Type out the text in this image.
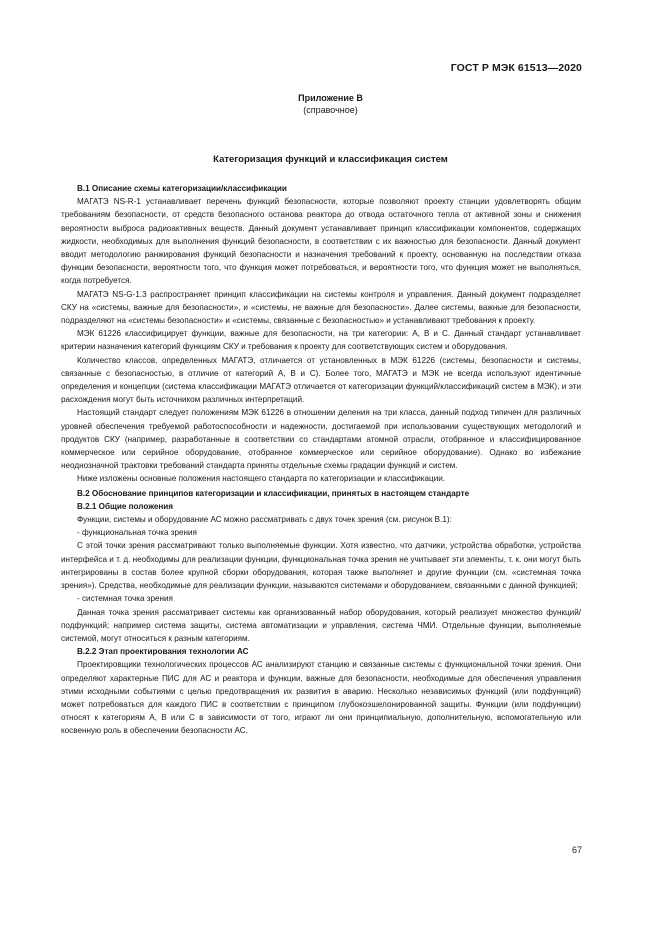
ГОСТ Р МЭК 61513—2020
Приложение В
(справочное)
Категоризация функций и классификация систем
В.1 Описание схемы категоризации/классификации

МАГАТЭ NS-R-1 устанавливает перечень функций безопасности, которые позволяют проекту станции удовлетворять общим требованиям безопасности, от средств безопасного останова реактора до отвода остаточного тепла от активной зоны и снижения вероятности выброса радиоактивных веществ. Данный документ устанавливает принцип классификации компонентов, содержащих жидкости, необходимых для выполнения функций безопасности, в соответствии с их важностью для безопасности. Данный документ вводит методологию ранжирования функций безопасности и назначения требований к проекту, основанную на последствии отказа функции безопасности, вероятности того, что функция может потребоваться, и вероятности того, что функция может не выполняться, когда потребуется.

МАГАТЭ NS-G-1.3 распространяет принцип классификации на системы контроля и управления. Данный документ подразделяет СКУ на «системы, важные для безопасности», и «системы, не важные для безопасности». Далее системы, важные для безопасности, подразделяют на «системы безопасности» и «системы, связанные с безопасностью» и устанавливают требования к проекту.

МЭК 61226 классифицирует функции, важные для безопасности, на три категории: А, В и С. Данный стандарт устанавливает критерии назначения категорий функциям СКУ и требования к проекту для соответствующих систем и оборудования.

Количество классов, определенных МАГАТЭ, отличается от установленных в МЭК 61226 (системы, безопасности и системы, связанные с безопасностью, в отличие от категорий А, В и С). Более того, МАГАТЭ и МЭК не всегда используют идентичные определения и концепции (система классификации МАГАТЭ отличается от категоризации функций/классификаций систем в МЭК), и эти расхождения могут быть источником различных интерпретаций.

Настоящий стандарт следует положениям МЭК 61226 в отношении деления на три класса, данный подход типичен для различных уровней обеспечения требуемой работоспособности и надежности, достигаемой при использовании существующих методологий и продуктов СКУ (например, разработанные в соответствии со стандартами атомной отрасли, отобранное и классифицированное коммерческое или серийное оборудование, отобранное коммерческое или серийное оборудование). Однако во избежание неоднозначной трактовки требований стандарта приняты отдельные схемы градации функций и систем.

Ниже изложены основные положения настоящего стандарта по категоризации и классификации.

В.2 Обоснование принципов категоризации и классификации, принятых в настоящем стандарте
В.2.1 Общие положения

Функции, системы и оборудование АС можно рассматривать с двух точек зрения (см. рисунок В.1):

- функциональная точка зрения

С этой точки зрения рассматривают только выполняемые функции. Хотя известно, что датчики, устройства обработки, устройства интерфейса и т. д. необходимы для реализации функции, функциональная точка зрения не учитывает эти элементы, т. к. они могут быть интегрированы в состав более крупной сборки оборудования, которая также выполняет и другие функции (см. «системная точка зрения»). Средства, необходимые для реализации функции, называются системами и оборудованием, связанными с данной функцией;

- системная точка зрения

Данная точка зрения рассматривает системы как организованный набор оборудования, который реализует множество функций/подфункций; например система защиты, система автоматизации и управления, система ЧМИ. Отдельные функции, выполняемые системой, могут относиться к разным категориям.

В.2.2 Этап проектирования технологии АС

Проектировщики технологических процессов АС анализируют станцию и связанные системы с функциональной точки зрения. Они определяют характерные ПИС для АС и реактора и функции, важные для безопасности, необходимые для обеспечения управления этими исходными событиями с целью предотвращения их развития в аварию. Несколько независимых функций (или подфункций) может потребоваться для каждого ПИС в соответствии с принципом глубокоэшелонированной защиты. Функции (или подфункции) относят к категориям А, В или С в зависимости от того, играют ли они принципиальную, дополнительную, вспомогательную или косвенную роль в обеспечении безопасности АС.

67
